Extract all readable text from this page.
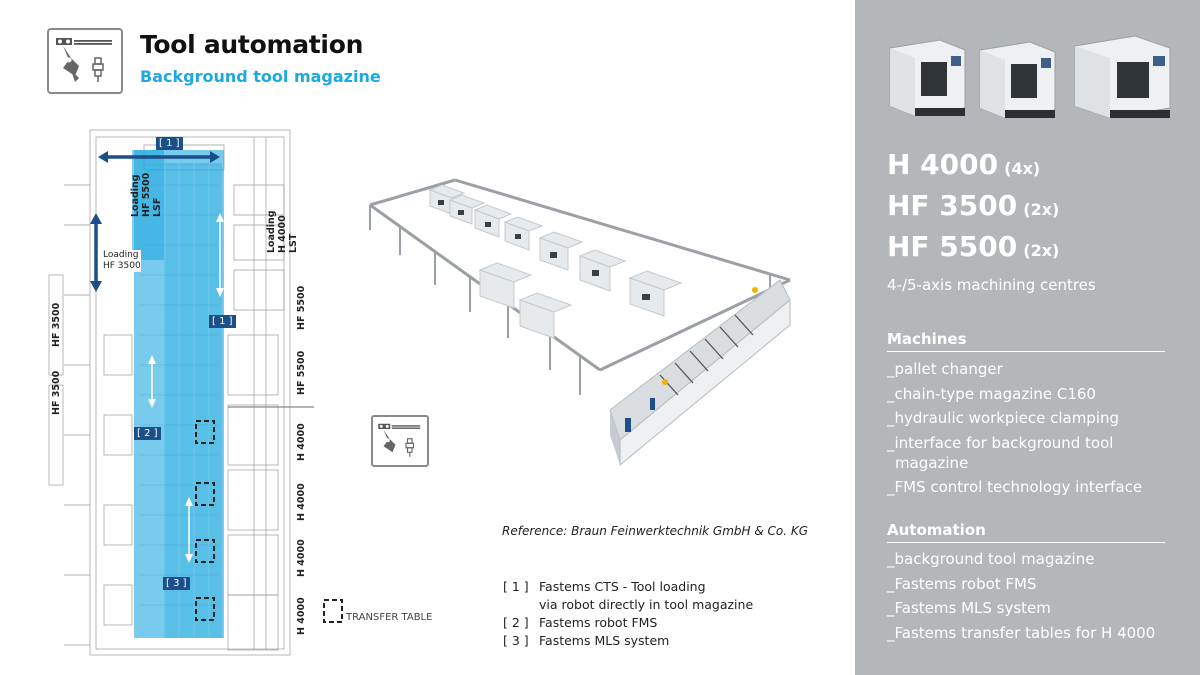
Tool automation
Background tool magazine
[ 1 ]
[ 1 ]
[ 2 ]
[ 3 ]
Loading HF 5500 LSF
Loading H 4000 LST
Loading
HF 3500
HF 3500
HF 3500
HF 5500
HF 5500
H 4000
H 4000
H 4000
H 4000
Reference: Braun Feinwerktechnik GmbH & Co. KG
[ 1 ] Fastems CTS - Tool loading
via robot directly in tool magazine
[ 2 ] Fastems robot FMS
[ 3 ] Fastems MLS system
TRANSFER TABLE
H 4000 (4x)
HF 3500 (2x)
HF 5500 (2x)
4-/5-axis machining centres
Machines
_pallet changer
_chain-type magazine C160
_hydraulic workpiece clamping
_interface for background tool
magazine
_FMS control technology interface
Automation
_background tool magazine
_Fastems robot FMS
_Fastems MLS system
_Fastems transfer tables for H 4000
